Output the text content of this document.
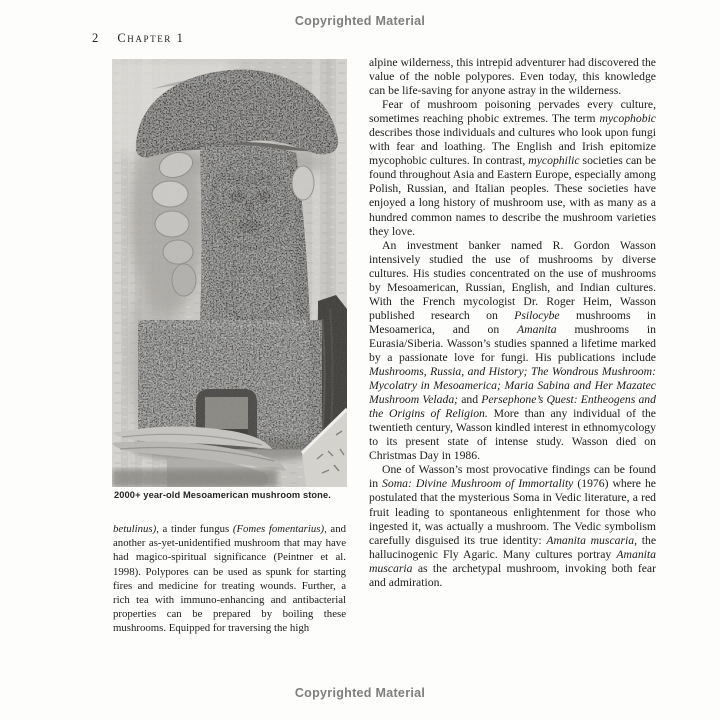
Copyrighted Material
2 Chapter 1
2000+ year-old Mesoamerican mushroom stone.

betulinus), a tinder fungus (Fomes fomentarius), and another as-yet-unidentified mushroom that may have had magico-spiritual significance (Peintner et al. 1998). Polypores can be used as spunk for starting fires and medicine for treating wounds. Further, a rich tea with immuno-enhancing and antibacterial properties can be prepared by boiling these mushrooms. Equipped for traversing the high

alpine wilderness, this intrepid adventurer had discovered the value of the noble polypores. Even today, this knowledge can be life-saving for anyone astray in the wilderness.

Fear of mushroom poisoning pervades every culture, sometimes reaching phobic extremes. The term mycophobic describes those individuals and cultures who look upon fungi with fear and loathing. The English and Irish epitomize mycophobic cultures. In contrast, mycophilic societies can be found throughout Asia and Eastern Europe, especially among Polish, Russian, and Italian peoples. These societies have enjoyed a long history of mushroom use, with as many as a hundred common names to describe the mushroom varieties they love.

An investment banker named R. Gordon Wasson intensively studied the use of mushrooms by diverse cultures. His studies concentrated on the use of mushrooms by Mesoamerican, Russian, English, and Indian cultures. With the French mycologist Dr. Roger Heim, Wasson published research on Psilocybe mushrooms in Mesoamerica, and on Amanita mushrooms in Eurasia/Siberia. Wasson’s studies spanned a lifetime marked by a passionate love for fungi. His publications include Mushrooms, Russia, and History; The Wondrous Mushroom: Mycolatry in Mesoamerica; Maria Sabina and Her Mazatec Mushroom Velada; and Persephone’s Quest: Entheogens and the Origins of Religion. More than any individual of the twentieth century, Wasson kindled interest in ethnomycology to its present state of intense study. Wasson died on Christmas Day in 1986.

One of Wasson’s most provocative findings can be found in Soma: Divine Mushroom of Immortality (1976) where he postulated that the mysterious Soma in Vedic literature, a red fruit leading to spontaneous enlightenment for those who ingested it, was actually a mushroom. The Vedic symbolism carefully disguised its true identity: Amanita muscaria, the hallucinogenic Fly Agaric. Many cultures portray Amanita muscaria as the archetypal mushroom, invoking both fear and admiration.

Copyrighted Material
